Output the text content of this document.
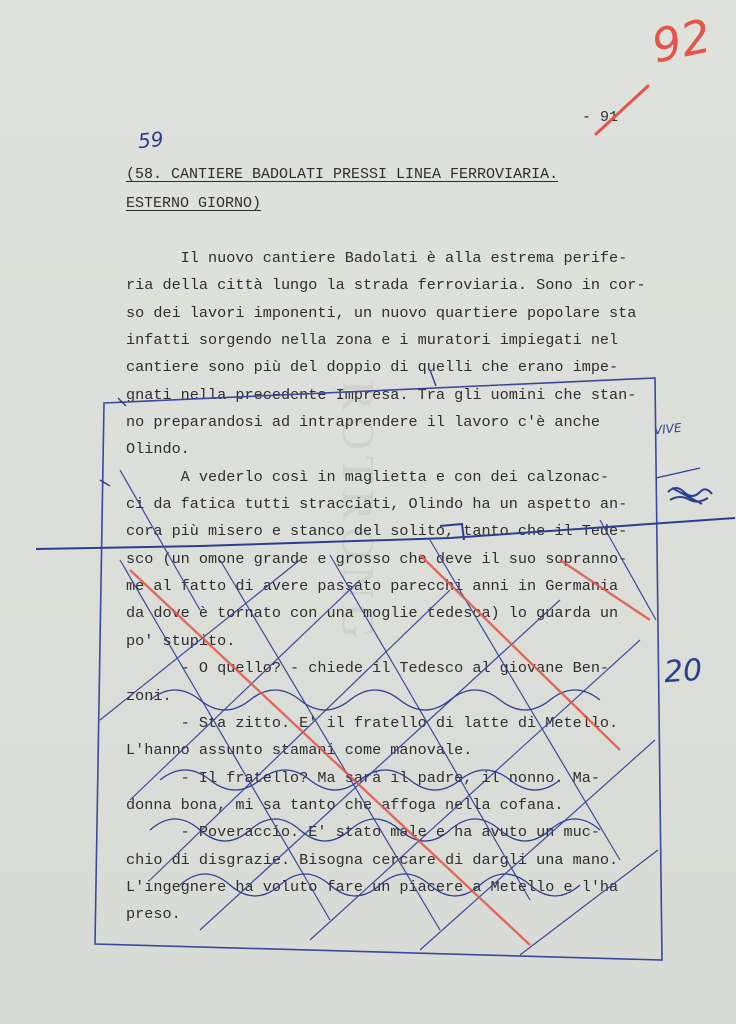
ROTRONG
- 91
92
59
(58. CANTIERE BADOLATI PRESSI LINEA FERROVIARIA.
ESTERNO GIORNO)
Il nuovo cantiere Badolati è alla estrema perife-
ria della città lungo la strada ferroviaria. Sono in cor-
so dei lavori imponenti, un nuovo quartiere popolare sta
infatti sorgendo nella zona e i muratori impiegati nel
cantiere sono più del doppio di quelli che erano impe-
gnati nella precedente Impresa. Tra gli uomini che stan-
no preparandosi ad intraprendere il lavoro c'è anche
Olindo.
A vederlo così in maglietta e con dei calzonac-
ci da fatica tutti stracciati, Olindo ha un aspetto an-
cora più misero e stanco del solito, tanto che il Tede-
sco (un omone grande e grosso che deve il suo sopranno-
me al fatto di avere passato parecchi anni in Germania
da dove è tornato con una moglie tedesca) lo guarda un
po' stupito.
- O quello? - chiede il Tedesco al giovane Ben-
zoni.
- Sta zitto. E' il fratello di latte di Metello.
L'hanno assunto stamani come manovale.
- Il fratello? Ma sarà il padre, il nonno. Ma-
donna bona, mi sa tanto che affoga nella cofana.
- Poveraccio. E' stato male e ha avuto un muc-
chio di disgrazie. Bisogna cercare di dargli una mano.
L'ingegnere ha voluto fare un piacere a Metello e l'ha
preso.
VIVE
20
